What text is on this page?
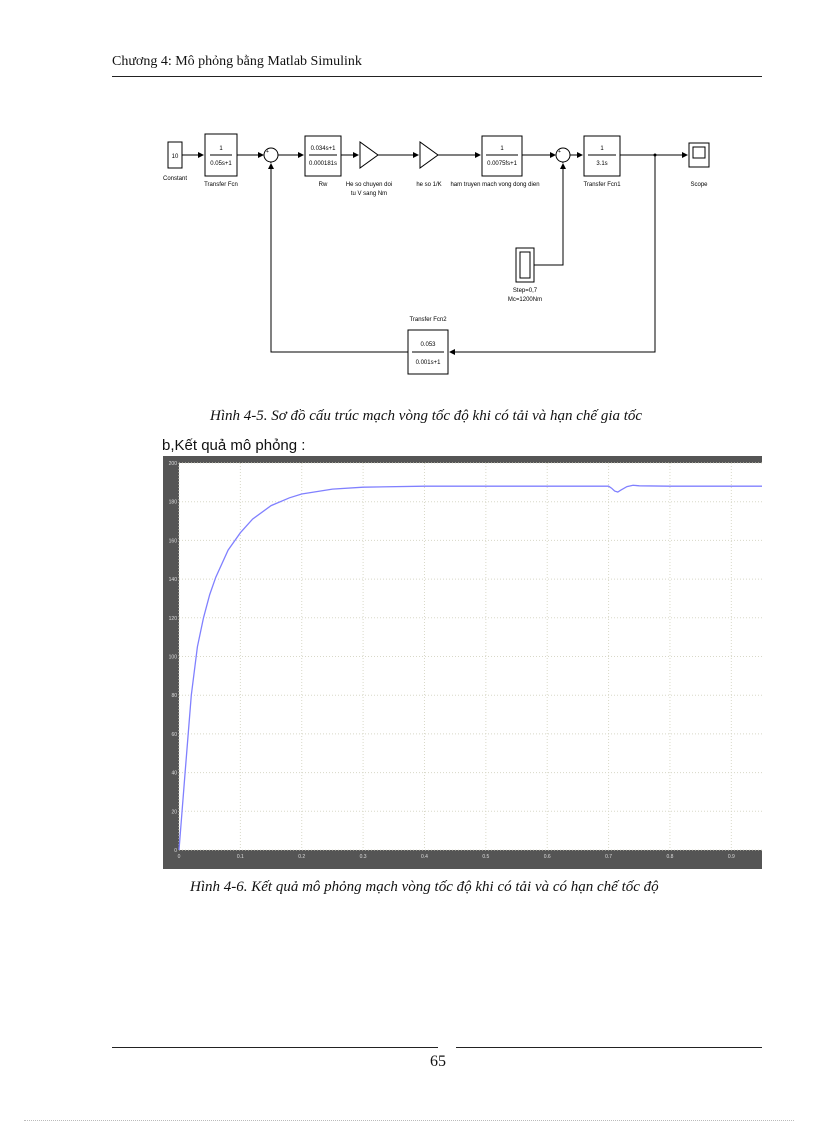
Chương 4: Mô phỏng bằng Matlab Simulink
10
Constant
1
0.05s+1
Transfer Fcn
+
-
0.034s+1
0.000181s
Rw	He so chuyen doi
tu V sang Nm
he so 1/K
1
0.0075fs+1
ham truyen mach vong dong dien
+
-
1
3.1s
Transfer Fcn1	Scope
Step=0,7
Mc=1200Nm
Transfer Fcn2
0.053
0.001s+1
Hình 4-5. Sơ đồ cấu trúc mạch vòng tốc độ khi có tải và hạn chế gia tốc
b,Kết quả mô phỏng :
0
20
40
60
80
100
120
140
160
180
200
0	0.1	0.2	0.3	0.4	0.5	0.6	0.7	0.8	0.9
Hình 4-6. Kết quả mô phỏng mạch vòng tốc độ khi có tải và có hạn chế tốc độ
65
